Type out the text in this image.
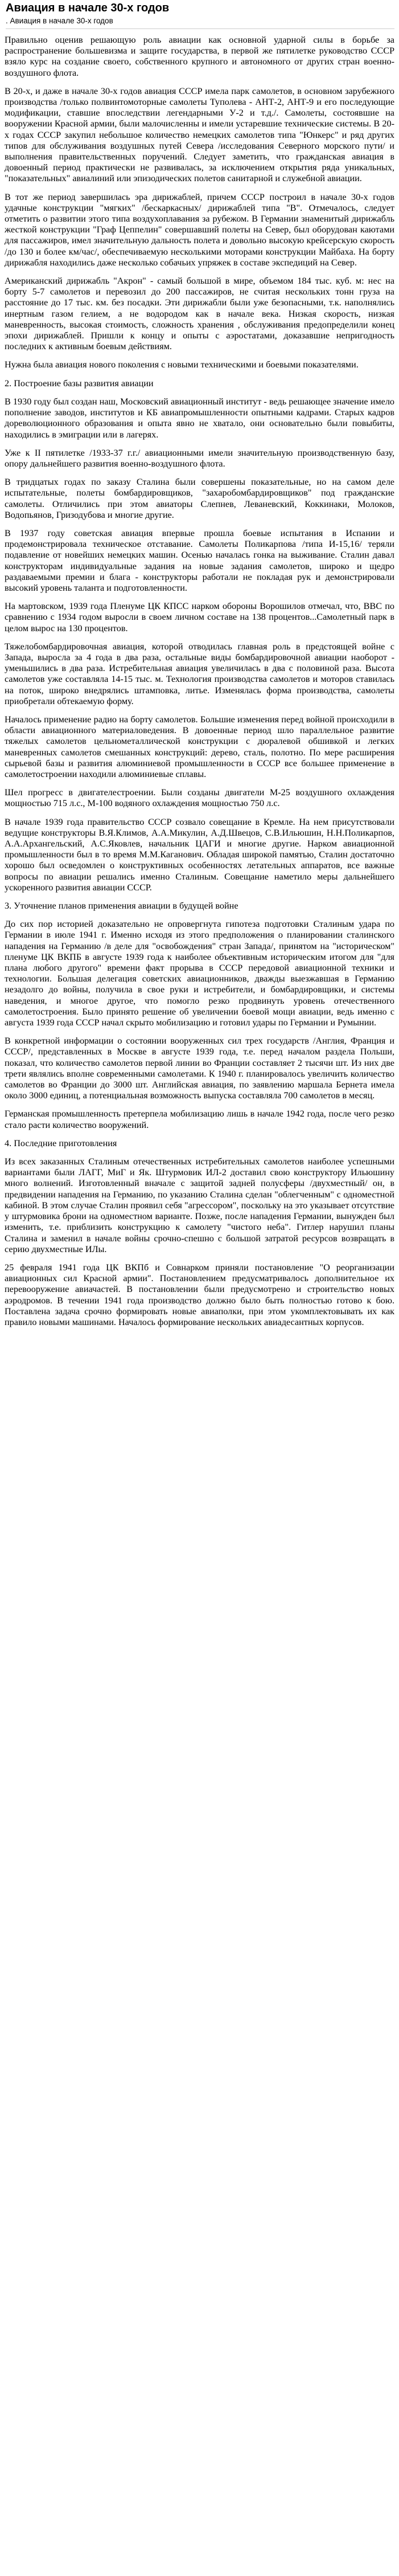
Авиация в начале 30-х годов
. Авиация в начале 30-х годов

Правильно оценив решающую роль авиации как основной ударной силы в борьбе за распространение большевизма и защите государства, в первой же пятилетке руководство СССР взяло курс на создание своего, собственного крупного и автономного от других стран военно-воздушного флота.

В 20-х, и даже в начале 30-х годов авиация СССР имела парк самолетов, в основном зарубежного производства /только полвинтомоторные самолеты Туполева - АНТ-2, АНТ-9 и его последующие модификации, ставшие впоследствии легендарными У-2 и т.д./. Самолеты, состоявшие на вооружении Красной армии, были малочисленны и имели устаревшие технические системы. В 20-х годах СССР закупил небольшое количество немецких самолетов типа "Юнкерс" и ряд других типов для обслуживания воздушных путей Севера /исследования Северного морского пути/ и выполнения правительственных поручений. Следует заметить, что гражданская авиация в довоенный период практически не развивалась, за исключением открытия ряда уникальных, "показательных" авиалиний или эпизодических полетов санитарной и служебной авиации.

В тот же период завершилась эра дирижаблей, причем СССР построил в начале 30-х годов удачные конструкции "мягких" /бескаркасных/ дирижаблей типа "В". Отмечалось, следует отметить о развитии этого типа воздухоплавания за рубежом. В Германии знаменитый дирижабль жесткой конструкции "Граф Цеппелин" совершавший полеты на Север, был оборудован каютами для пассажиров, имел значительную дальность полета и довольно высокую крейсерскую скорость /до 130 и более км/час/, обеспечиваемую несколькими моторами конструкции Майбаха. На борту дирижабля находились даже несколько собачьих упряжек в составе экспедиций на Север.

Американский дирижабль "Акрон" - самый большой в мире, объемом 184 тыс. куб. м: нес на борту 5-7 самолетов и перевозил до 200 пассажиров, не считая нескольких тонн груза на расстояние до 17 тыс. км. без посадки. Эти дирижабли были уже безопасными, т.к. наполнялись инертным газом гелием, а не водородом как в начале века. Низкая скорость, низкая маневренность, высокая стоимость, сложность хранения , обслуживания предопределили конец эпохи дирижаблей. Пришли к концу и опыты с аэростатами, доказавшие непригодность последних к активным боевым действиям.

Нужна была авиация нового поколения с новыми техническими и боевыми показателями.

2. Построение базы развития авиации

В 1930 году был создан наш, Московский авиационный институт - ведь решающее значение имело пополнение заводов, институтов и КБ авиапромышленности опытными кадрами. Старых кадров дореволюционного образования и опыта явно не хватало, они основательно были повыбиты, находились в эмиграции или в лагерях.

Уже к II пятилетке /1933-37 г.г./ авиационными имели значительную производственную базу, опору дальнейшего развития военно-воздушного флота.

В тридцатых годах по заказу Сталина были совершены показательные, но на самом деле испытательные, полеты бомбардировщиков, "захаробомбардировщиков" под гражданские самолеты. Отличились при этом авиаторы Слепнев, Леваневский, Коккинаки, Молоков, Водопьянов, Гризодубова и многие другие.

В 1937 году советская авиация впервые прошла боевые испытания в Испании и продемонстрировала техническое отставание. Самолеты Поликарпова /типа И-15,16/ теряли подавление от новейших немецких машин. Осенью началась гонка на выживание. Сталин давал конструкторам индивидуальные задания на новые задания самолетов, широко и щедро раздаваемыми премии и блага - конструкторы работали не покладая рук и демонстрировали высокий уровень таланта и подготовленности.

На мартовском, 1939 года Пленуме ЦК КПСС нарком обороны Ворошилов отмечал, что, ВВС по сравнению с 1934 годом выросли в своем личном составе на 138 процентов...Самолетный парк в целом вырос на 130 процентов.

Тяжелобомбардировочная авиация, которой отводилась главная роль в предстоящей войне с Запада, выросла за 4 года в два раза, остальные виды бомбардировочной авиации наоборот - уменьшились в два раза. Истребительная авиация увеличилась в два с половиной раза. Высота самолетов уже составляла 14-15 тыс. м. Технология производства самолетов и моторов ставилась на поток, широко внедрялись штамповка, литье. Изменялась форма производства, самолеты приобретали обтекаемую форму.

Началось применение радио на борту самолетов. Большие изменения перед войной происходили в области авиационного материаловедения. В довоенные период шло параллельное развитие тяжелых самолетов цельнометаллической конструкции с дюралевой обшивкой и легких маневренных самолетов смешанных конструкций: дерево, сталь, полотно. По мере расширения сырьевой базы и развития алюминиевой промышленности в СССР все большее применение в самолетостроении находили алюминиевые сплавы.

Шел прогресс в двигателестроении. Были созданы двигатели М-25 воздушного охлаждения мощностью 715 л.с., М-100 водяного охлаждения мощностью 750 л.с.

В начале 1939 года правительство СССР созвало совещание в Кремле. На нем присутствовали ведущие конструкторы В.Я.Климов, А.А.Микулин, А.Д.Швецов, С.В.Ильюшин, Н.Н.Поликарпов, А.А.Архангельский, А.С.Яковлев, начальник ЦАГИ и многие другие. Нарком авиационной промышленности был в то время М.М.Каганович. Обладая широкой памятью, Сталин достаточно хорошо был осведомлен о конструктивных особенностях летательных аппаратов, все важные вопросы по авиации решались именно Сталиным. Совещание наметило меры дальнейшего ускоренного развития авиации СССР.

3. Уточнение планов применения авиации в будущей войне

До сих пор историей доказательно не опровергнута гипотеза подготовки Сталиным удара по Германии в июле 1941 г. Именно исходя из этого предположения о планировании сталинского нападения на Германию /в деле для "освобождения" стран Запада/, принятом на "историческом" пленуме ЦК ВКПБ в августе 1939 года к наиболее объективным историческим итогом для "для плана любого другого" времени факт прорыва в СССР передовой авиационной техники и технологии. Большая делегация советских авиационников, дважды выезжавшая в Германию незадолго до войны, получила в свое руки и истребители, и бомбардировщики, и системы наведения, и многое другое, что помогло резко продвинуть уровень отечественного самолетостроения. Было принято решение об увеличении боевой мощи авиации, ведь именно с августа 1939 года СССР начал скрыто мобилизацию и готовил удары по Германии и Румынии.

В конкретной информации о состоянии вооруженных сил трех государств /Англия, Франция и СССР/, представленных в Москве в августе 1939 года, т.е. перед началом раздела Польши, показал, что количество самолетов первой линии во Франции составляет 2 тысячи шт. Из них две трети являлись вполне современными самолетами. К 1940 г. планировалось увеличить количество самолетов во Франции до 3000 шт. Английская авиация, по заявлению маршала Бернета имела около 3000 единиц, а потенциальная возможность выпуска составляла 700 самолетов в месяц.

Германская промышленность претерпела мобилизацию лишь в начале 1942 года, после чего резко стало расти количество вооружений.

4. Последние приготовления

Из всех заказанных Сталиным отечественных истребительных самолетов наиболее успешными вариантами были ЛАГГ, МиГ и Як. Штурмовик ИЛ-2 доставил свою конструктору Ильюшину много волнений. Изготовленный вначале с защитой задней полусферы /двухместный/ он, в предвидении нападения на Германию, по указанию Сталина сделан "облегченным" с одноместной кабиной. В этом случае Сталин проявил себя "агрессором", поскольку на это указывает отсутствие у штурмовика брони на одноместном варианте. Позже, после нападения Германии, вынужден был изменить, т.е. приблизить конструкцию к самолету "чистого неба". Гитлер нарушил планы Сталина и заменил в начале войны срочно-спешно с большой затратой ресурсов возвращать в серию двухместные ИЛы.

25 февраля 1941 года ЦК ВКПб и Совнарком приняли постановление "О реорганизации авиационных сил Красной армии". Постановлением предусматривалось дополнительное их перевооружение авиачастей. В постановлении были предусмотрено и строительство новых аэродромов. В течении 1941 года производство должно было быть полностью готово к бою. Поставлена задача срочно формировать новые авиаполки, при этом укомплектовывать их как правило новыми машинами. Началось формирование нескольких авиадесантных корпусов.
